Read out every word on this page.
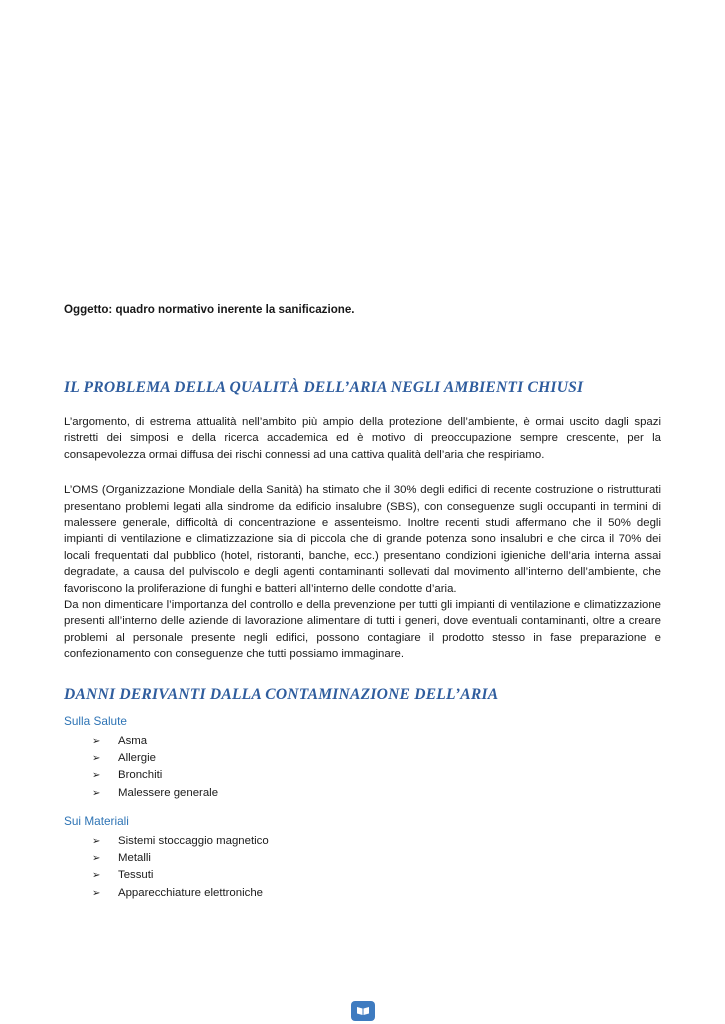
Oggetto: quadro normativo inerente la sanificazione.
IL PROBLEMA DELLA QUALITÀ DELL’ARIA NEGLI AMBIENTI CHIUSI

L’argomento, di estrema attualità nell’ambito più ampio della protezione dell’ambiente, è ormai uscito dagli spazi ristretti dei simposi e della ricerca accademica ed è motivo di preoccupazione sempre crescente, per la consapevolezza ormai diffusa dei rischi connessi ad una cattiva qualità dell’aria che respiriamo.

L’OMS (Organizzazione Mondiale della Sanità) ha stimato che il 30% degli edifici di recente costruzione o ristrutturati presentano problemi legati alla sindrome da edificio insalubre (SBS), con conseguenze sugli occupanti in termini di malessere generale, difficoltà di concentrazione e assenteismo. Inoltre recenti studi affermano che il 50% degli impianti di ventilazione e climatizzazione sia di piccola che di grande potenza sono insalubri e che circa il 70% dei locali frequentati dal pubblico (hotel, ristoranti, banche, ecc.) presentano condizioni igieniche dell’aria interna assai degradate, a causa del pulviscolo e degli agenti contaminanti sollevati dal movimento all’interno dell’ambiente, che favoriscono la proliferazione di funghi e batteri all’interno delle condotte d’aria.

Da non dimenticare l’importanza del controllo e della prevenzione per tutti gli impianti di ventilazione e climatizzazione presenti all’interno delle aziende di lavorazione alimentare di tutti i generi, dove eventuali contaminanti, oltre a creare problemi al personale presente negli edifici, possono contagiare il prodotto stesso in fase preparazione e confezionamento con conseguenze che tutti possiamo immaginare.

DANNI DERIVANTI DALLA CONTAMINAZIONE DELL’ARIA
Sulla Salute
➢	Asma
➢	Allergie
➢	Bronchiti
➢	Malessere generale
Sui Materiali
➢	Sistemi stoccaggio magnetico
➢	Metalli
➢	Tessuti
➢	Apparecchiature elettroniche
